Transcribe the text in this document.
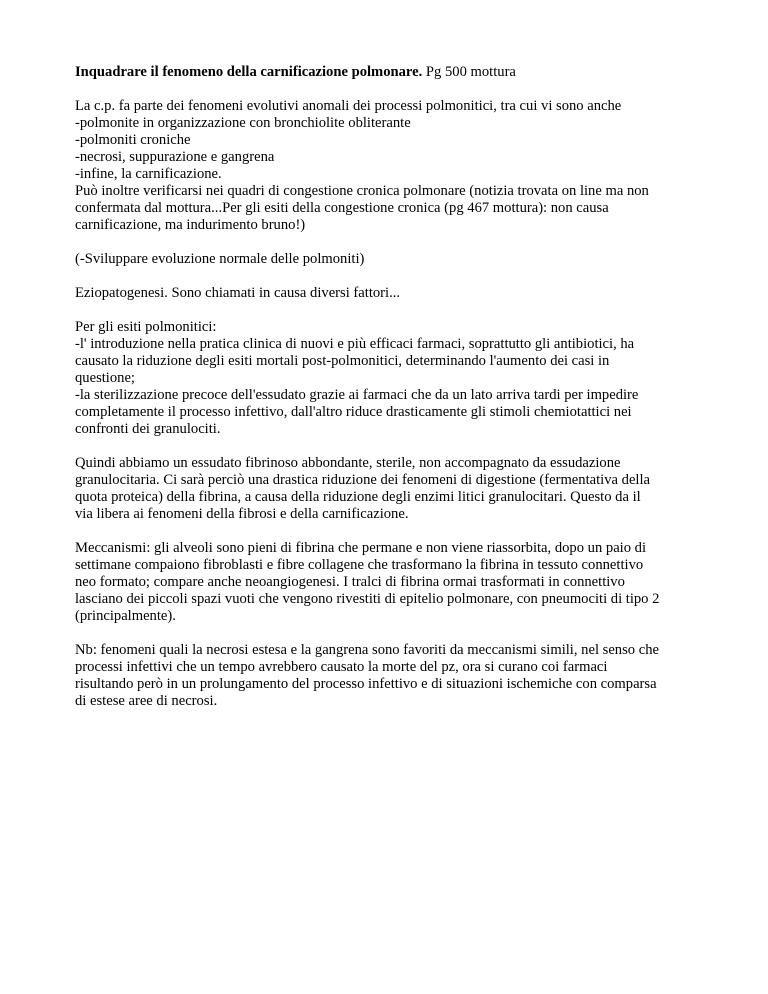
Inquadrare il fenomeno della carnificazione polmonare. Pg 500 mottura

La c.p. fa parte dei fenomeni evolutivi anomali dei processi polmonitici, tra cui vi sono anche
-polmonite in organizzazione con bronchiolite obliterante
-polmoniti croniche
-necrosi, suppurazione e gangrena
-infine, la carnificazione.
Può inoltre verificarsi nei quadri di congestione cronica polmonare (notizia trovata on line ma non
confermata dal mottura...Per gli esiti della congestione cronica (pg 467 mottura): non causa
carnificazione, ma indurimento bruno!)

(-Sviluppare evoluzione normale delle polmoniti)

Eziopatogenesi. Sono chiamati in causa diversi fattori...

Per gli esiti polmonitici:
-l' introduzione nella pratica clinica di nuovi e più efficaci farmaci, soprattutto gli antibiotici, ha
causato la riduzione degli esiti mortali post-polmonitici, determinando l'aumento dei casi in
questione;
-la sterilizzazione precoce dell'essudato grazie ai farmaci che da un lato arriva tardi per impedire
completamente il processo infettivo, dall'altro riduce drasticamente gli stimoli chemiotattici nei
confronti dei granulociti.

Quindi abbiamo un essudato fibrinoso abbondante, sterile, non accompagnato da essudazione
granulocitaria. Ci sarà perciò una drastica riduzione dei fenomeni di digestione (fermentativa della
quota proteica) della fibrina, a causa della riduzione degli enzimi litici granulocitari. Questo da il
via libera ai fenomeni della fibrosi e della carnificazione.

Meccanismi: gli alveoli sono pieni di fibrina che permane e non viene riassorbita, dopo un paio di
settimane compaiono fibroblasti e fibre collagene che trasformano la fibrina in tessuto connettivo
neo formato; compare anche neoangiogenesi. I tralci di fibrina ormai trasformati in connettivo
lasciano dei piccoli spazi vuoti che vengono rivestiti di epitelio polmonare, con pneumociti di tipo 2
(principalmente).

Nb: fenomeni quali la necrosi estesa e la gangrena sono favoriti da meccanismi simili, nel senso che
processi infettivi che un tempo avrebbero causato la morte del pz, ora si curano coi farmaci
risultando però in un prolungamento del processo infettivo e di situazioni ischemiche con comparsa
di estese aree di necrosi.
